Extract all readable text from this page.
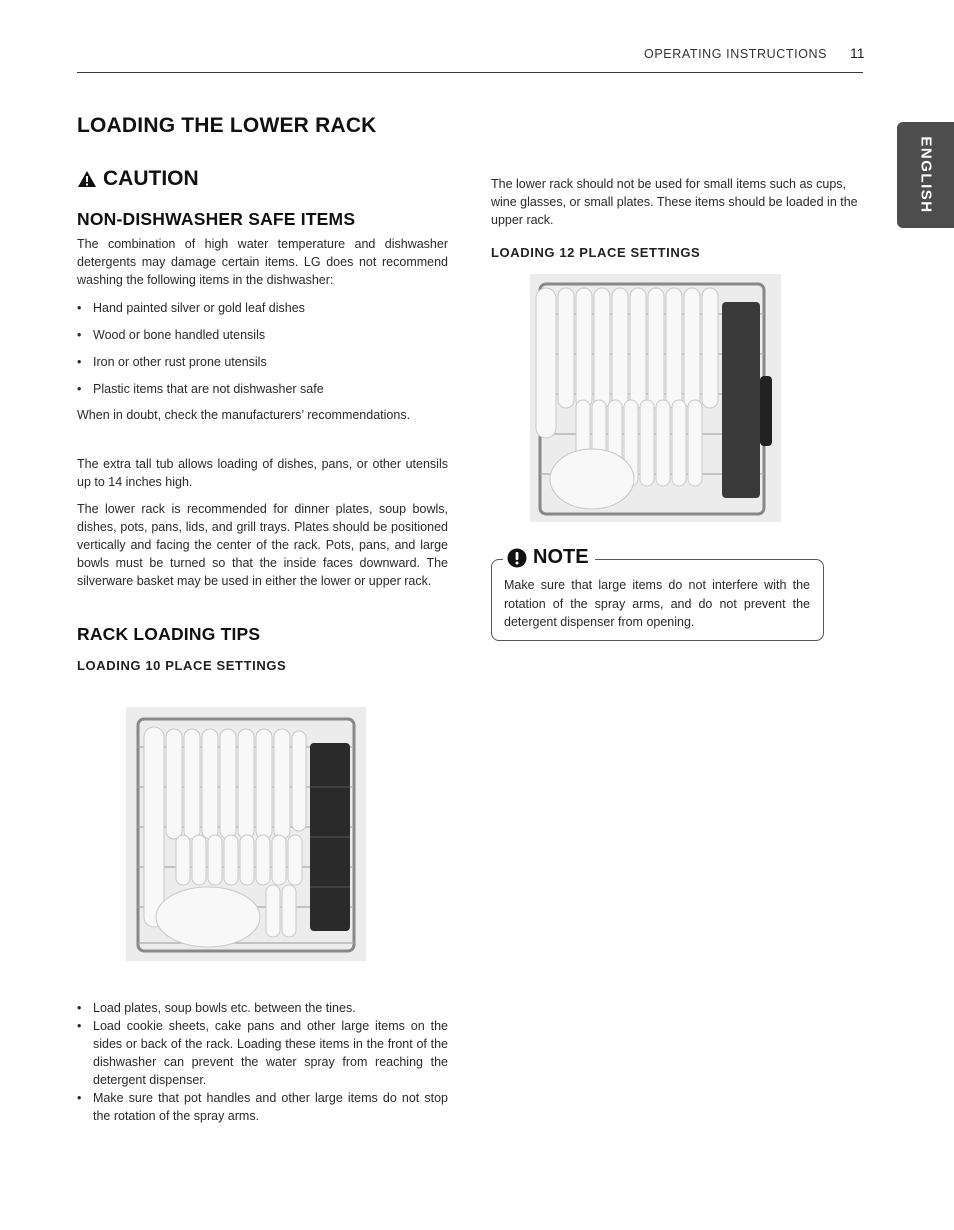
OPERATING INSTRUCTIONS 11
ENGLISH
LOADING THE LOWER RACK
CAUTION
NON-DISHWASHER SAFE ITEMS
The combination of high water temperature and dishwasher detergents may damage certain items. LG does not recommend washing the following items in the dishwasher:
• Hand painted silver or gold leaf dishes
• Wood or bone handled utensils
• Iron or other rust prone utensils
• Plastic items that are not dishwasher safe
When in doubt, check the manufacturers’ recommendations.
The extra tall tub allows loading of dishes, pans, or other utensils up to 14 inches high.
The lower rack is recommended for dinner plates, soup bowls, dishes, pots, pans, lids, and grill trays. Plates should be positioned vertically and facing the center of the rack. Pots, pans, and large bowls must be turned so that the inside faces downward. The silverware basket may be used in either the lower or upper rack.
RACK LOADING TIPS
LOADING 10 PLACE SETTINGS
• Load plates, soup bowls etc. between the tines.
• Load cookie sheets, cake pans and other large items on the sides or back of the rack. Loading these items in the front of the dishwasher can prevent the water spray from reaching the detergent dispenser.
• Make sure that pot handles and other large items do not stop the rotation of the spray arms.
The lower rack should not be used for small items such as cups, wine glasses, or small plates. These items should be loaded in the upper rack.
LOADING 12 PLACE SETTINGS
NOTE
Make sure that large items do not interfere with the rotation of the spray arms, and do not prevent the detergent dispenser from opening.
